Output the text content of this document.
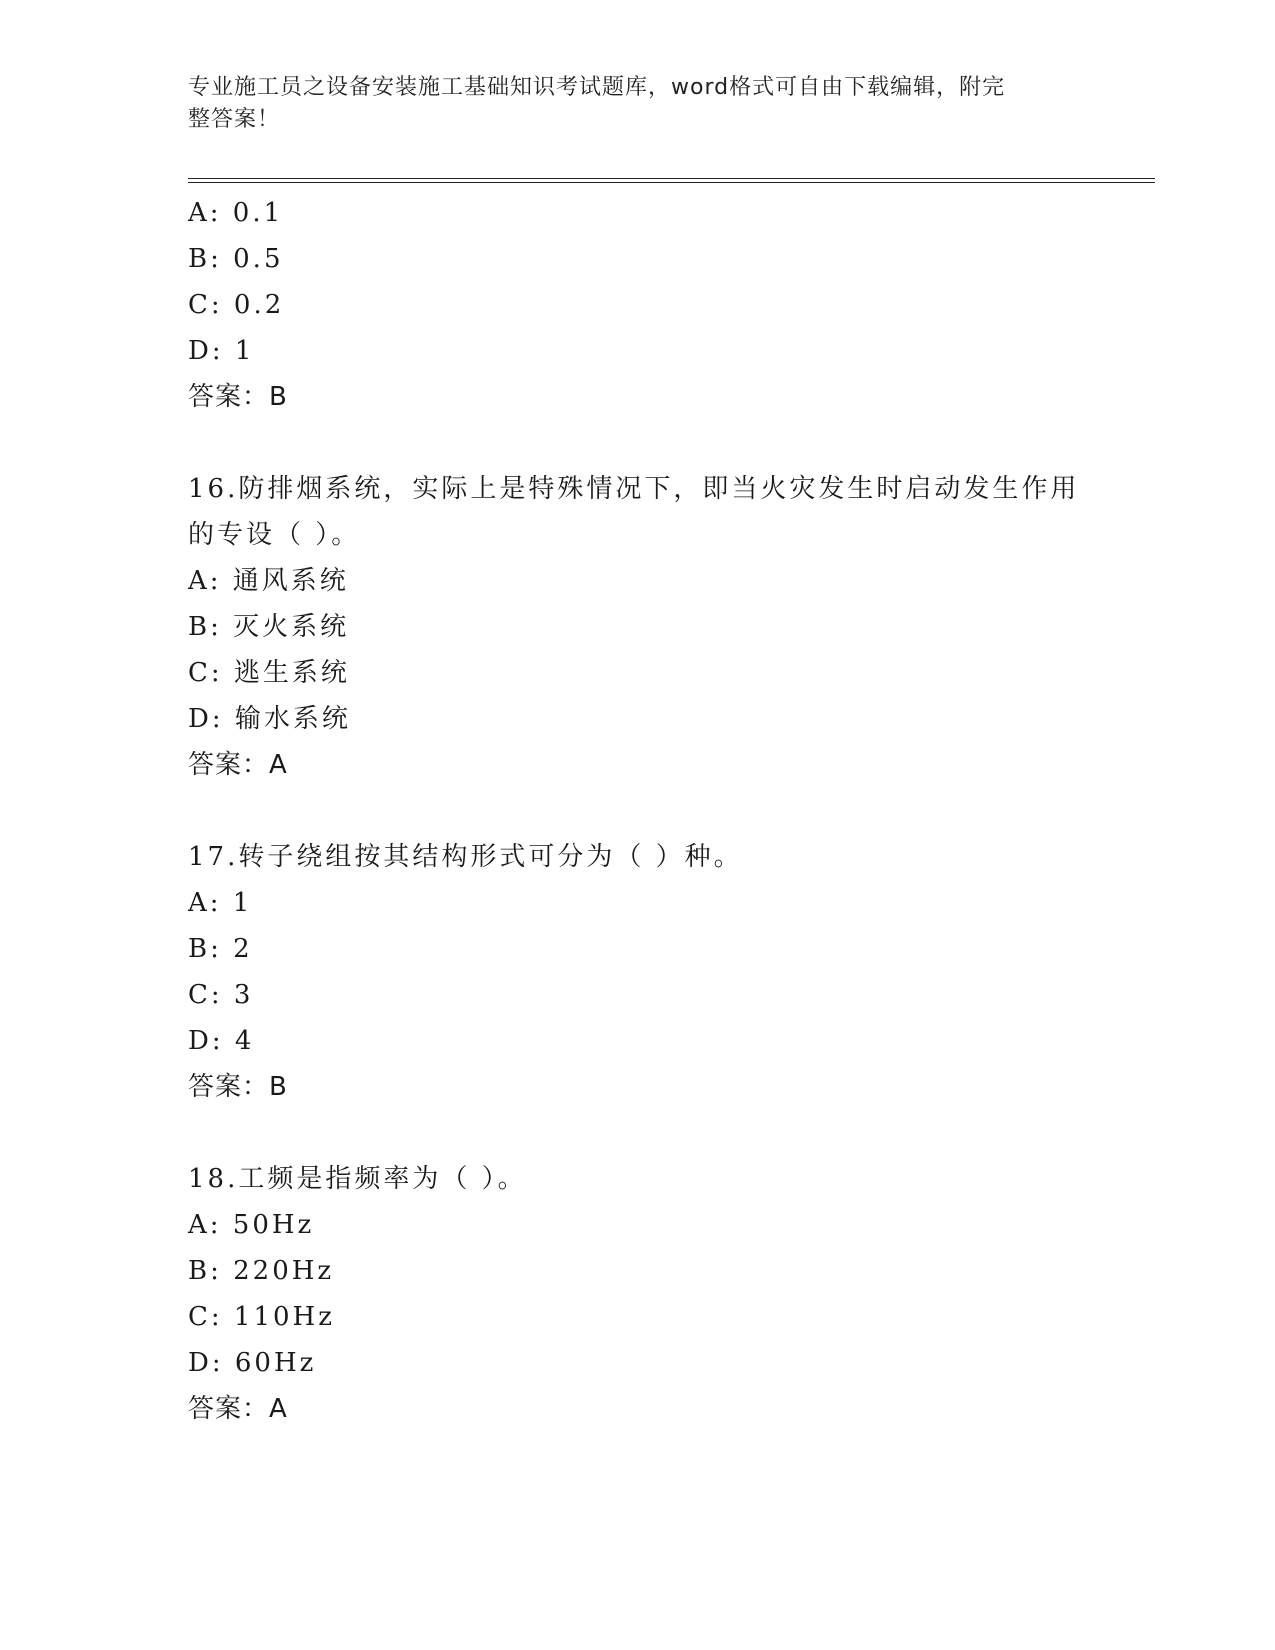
专业施工员之设备安装施工基础知识考试题库，word格式可自由下载编辑，附完
整答案！
A: 0.1
B: 0.5
C: 0.2
D: 1
答案：B
16.防排烟系统，实际上是特殊情况下，即当火灾发生时启动发生作用
的专设（ ）。
A: 通风系统
B: 灭火系统
C: 逃生系统
D: 输水系统
答案：A
17.转子绕组按其结构形式可分为（ ）种。
A: 1
B: 2
C: 3
D: 4
答案：B
18.工频是指频率为（ ）。
A: 50Hz
B: 220Hz
C: 110Hz
D: 60Hz
答案：A
